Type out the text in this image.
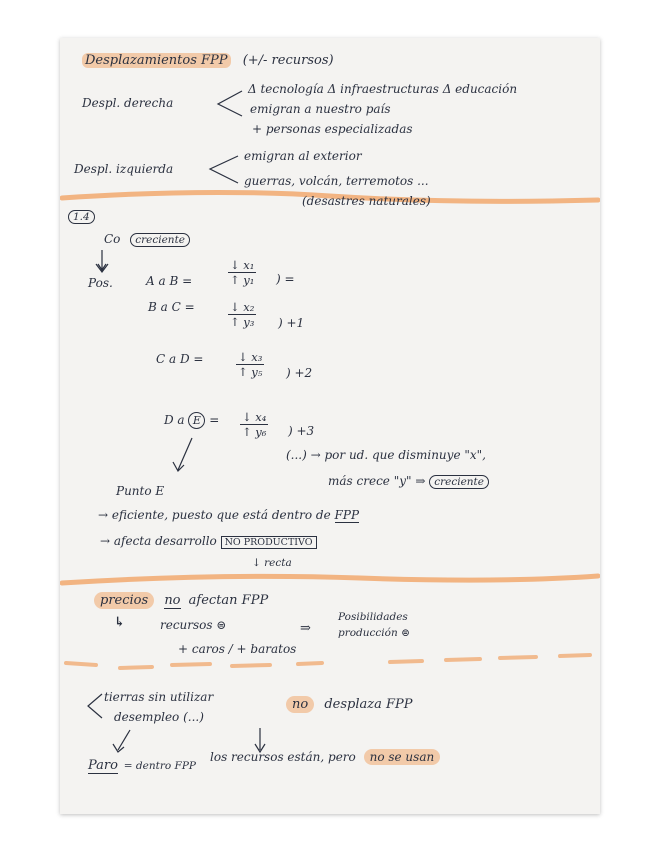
Desplazamientos FPP (+/- recursos)
Despl. derecha
Δ tecnología Δ infraestructuras Δ educación
emigran a nuestro país
+ personas especializadas
Despl. izquierda
emigran al exterior
guerras, volcán, terremotos ...
(desastres naturales)
1.4
Co creciente
Pos.	A a B =	$\frac{\text{↓ x₁}}{\text{↑ y₁}}$ ) =
B a C =	$\frac{\text{↓ x₂}}{\text{↑ y₃}}$ ) +1
C a D =	$\frac{\text{↓ x₃}}{\text{↑ y₅}}$ ) +2
D a $E = \frac{\text{↓ x₄}}{\text{↑ y₆}}$ ) +3
(...) → por ud. que disminuye "x",
más crece "y" ⇒ creciente
Punto E
→ eficiente, puesto que está dentro de FPP
→ afecta desarrollo NO PRODUCTIVO
↓ recta
precios no afectan FPP
↳	recursos ⊜
+ caros / + baratos
⇒
Posibilidades
producción ⊜
tierras sin utilizar
desempleo (...)
no desplaza FPP
Paro = dentro FPP
los recursos están, pero no se usan
